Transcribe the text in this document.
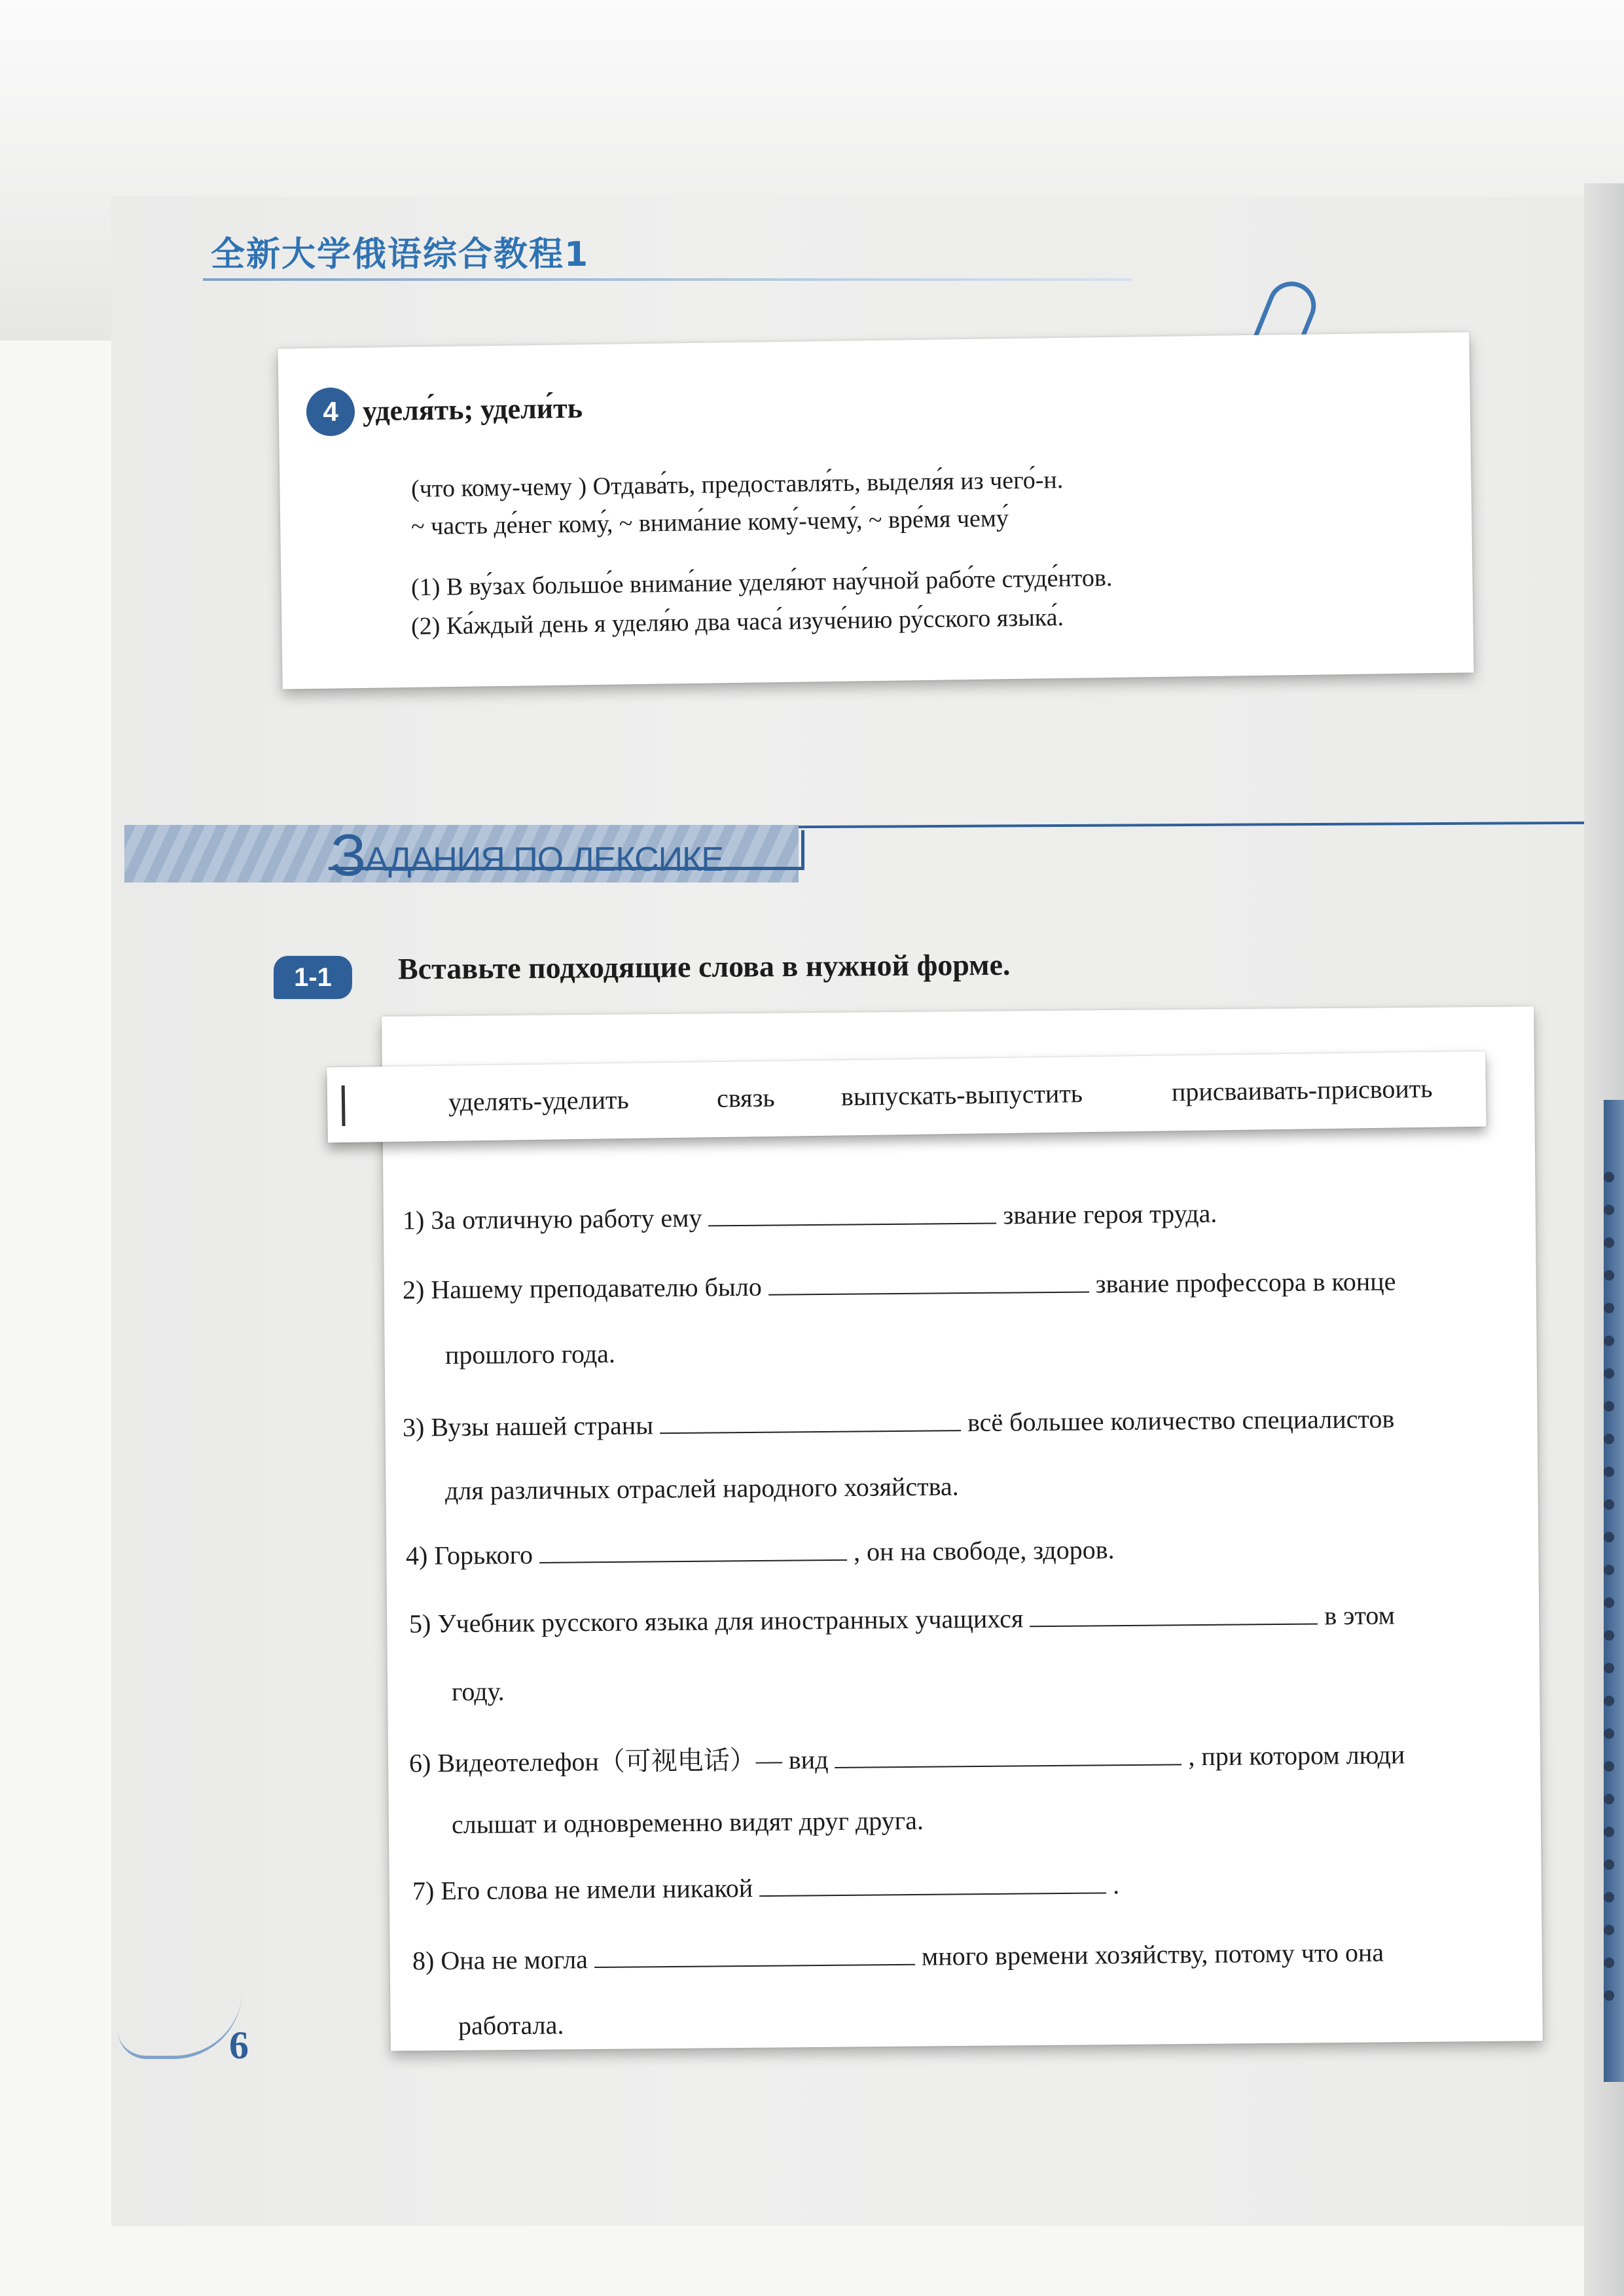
全新大学俄语综合教程1
4 уделя́ть; удели́ть
(что кому-чему ) Отдава́ть, предоставля́ть, выделя́я из чего́-н.
~ часть де́нег кому́, ~ внима́ние кому́-чему́, ~ вре́мя чему́
(1) В ву́зах большо́е внима́ние уделя́ют нау́чной рабо́те студе́нтов.
(2) Ка́ждый день я уделя́ю два часа́ изуче́нию ру́сского языка́.
З
АДАНИЯ ПО ЛЕКСИКЕ
1-1	Вставьте подходящие слова в нужной форме.
уделять-уделить	связь	выпускать-выпустить	присваивать-присвоить
1) За отличную работу ему	звание героя труда.
2) Нашему преподавателю было	звание профессора в конце
прошлого года.
3) Вузы нашей страны	всё большее количество специалистов
для различных отраслей народного хозяйства.
4) Горького	, он на свободе, здоров.
5) Учебник русского языка для иностранных учащихся	в этом
году.
6) Видеотелефон（可视电话）— вид	, при котором люди
слышат и одновременно видят друг друга.
7) Его слова не имели никакой	.
8) Она не могла	много времени хозяйству, потому что она
работала.
6
